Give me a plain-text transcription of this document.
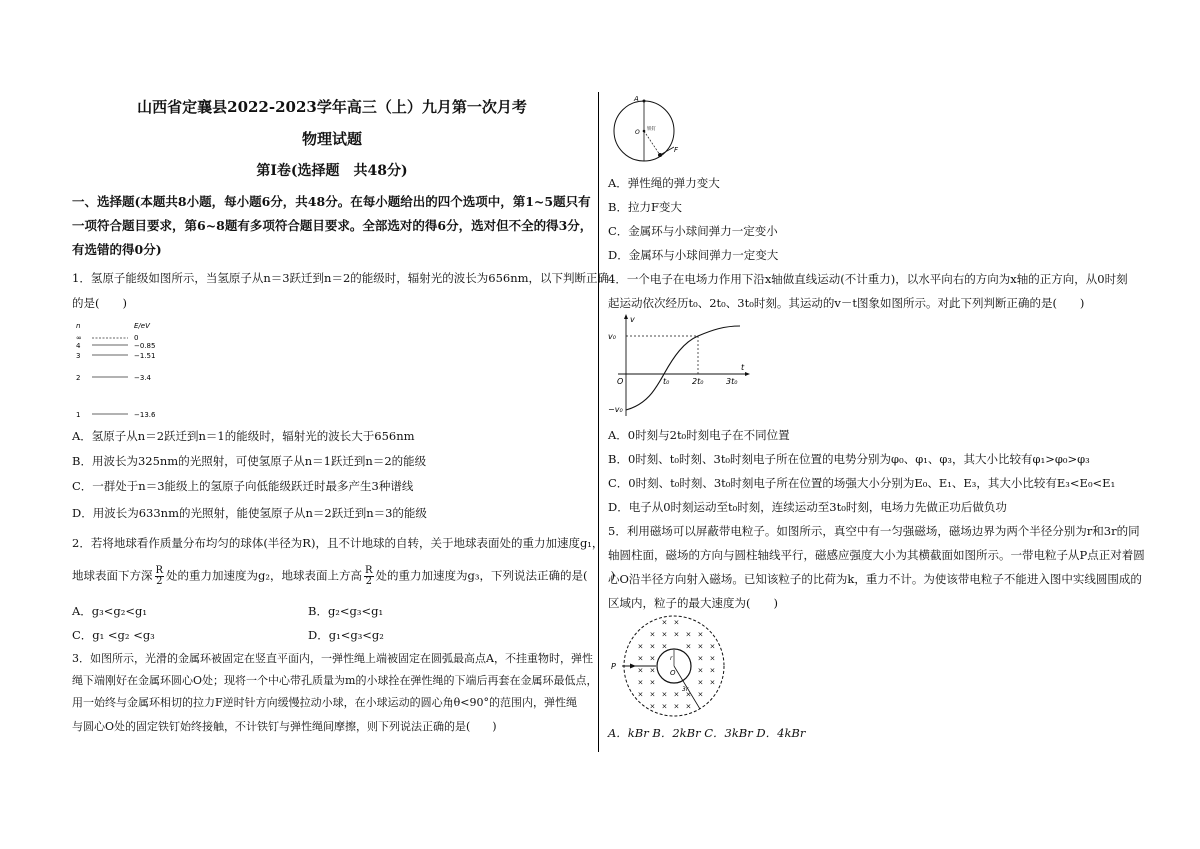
山西省定襄县2022-2023学年高三（上）九月第一次月考
物理试题
第Ⅰ卷(选择题　共48分)
一、选择题(本题共8小题，每小题6分，共48分。在每小题给出的四个选项中，第1~5题只有
一项符合题目要求，第6~8题有多项符合题目要求。全部选对的得6分，选对但不全的得3分，
有选错的得0分)
1．氢原子能级如图所示，当氢原子从n＝3跃迁到n＝2的能级时，辐射光的波长为656nm，以下判断正确
的是(　　)
n	E/eV
∞	0
4	−0.85
3	−1.51
2	−3.4
1	−13.6
A．氢原子从n＝2跃迁到n＝1的能级时，辐射光的波长大于656nm
B．用波长为325nm的光照射，可使氢原子从n＝1跃迁到n＝2的能级
C．一群处于n＝3能级上的氢原子向低能级跃迁时最多产生3种谱线
D．用波长为633nm的光照射，能使氢原子从n＝2跃迁到n＝3的能级
2．若将地球看作质量分布均匀的球体(半径为R)，且不计地球的自转，关于地球表面处的重力加速度g₁，
地球表面下方深 $\frac{R}{2}$ 处的重力加速度为g₂，地球表面上方高 $\frac{R}{2}$ 处的重力加速度为g₃，下列说法正确的是(　　)
A．g₃<g₂<g₁	B．g₂<g₃<g₁
C．g₁ <g₂ <g₃	D．g₁<g₃<g₂
3．如图所示，光滑的金属环被固定在竖直平面内，一弹性绳上端被固定在圆弧最高点A，不挂重物时，弹性
绳下端刚好在金属环圆心O处；现将一个中心带孔质量为m的小球拴在弹性绳的下端后再套在金属环最低点，
用一始终与金属环相切的拉力F逆时针方向缓慢拉动小球，在小球运动的圆心角θ<90°的范围内，弹性绳
与圆心O处的固定铁钉始终接触，不计铁钉与弹性绳间摩擦，则下列说法正确的是(　　)
A
O 铁钉
F
A．弹性绳的弹力变大
B．拉力F变大
C．金属环与小球间弹力一定变小
D．金属环与小球间弹力一定变大
4．一个电子在电场力作用下沿x轴做直线运动(不计重力)，以水平向右的方向为x轴的正方向，从0时刻
起运动依次经历t₀、2t₀、3t₀时刻。其运动的v－t图象如图所示。对此下列判断正确的是(　　)
v
t
O
v₀
−v₀
t₀	2t₀	3t₀
A．0时刻与2t₀时刻电子在不同位置
B．0时刻、t₀时刻、3t₀时刻电子所在位置的电势分别为φ₀、φ₁、φ₃，其大小比较有φ₁>φ₀>φ₃
C．0时刻、t₀时刻、3t₀时刻电子所在位置的场强大小分别为E₀、E₁、E₃，其大小比较有E₃<E₀<E₁
D．电子从0时刻运动至t₀时刻，连续运动至3t₀时刻，电场力先做正功后做负功
5．利用磁场可以屏蔽带电粒子。如图所示，真空中有一匀强磁场，磁场边界为两个半径分别为r和3r的同
轴圆柱面，磁场的方向与圆柱轴线平行，磁感应强度大小为其横截面如图所示。一带电粒子从P点正对着圆
心O沿半径方向射入磁场。已知该粒子的比荷为k，重力不计。为使该带电粒子不能进入图中实线圆围成的
区域内，粒子的最大速度为(　　)
× ×
× × × × ×
× × ×	× × ×
× ×	× ×
× ×	× ×
× ×	× ×
× × × × × ×
× × × ×
P
r
O
3r
A．kBr B．2kBr C．3kBr D．4kBr
